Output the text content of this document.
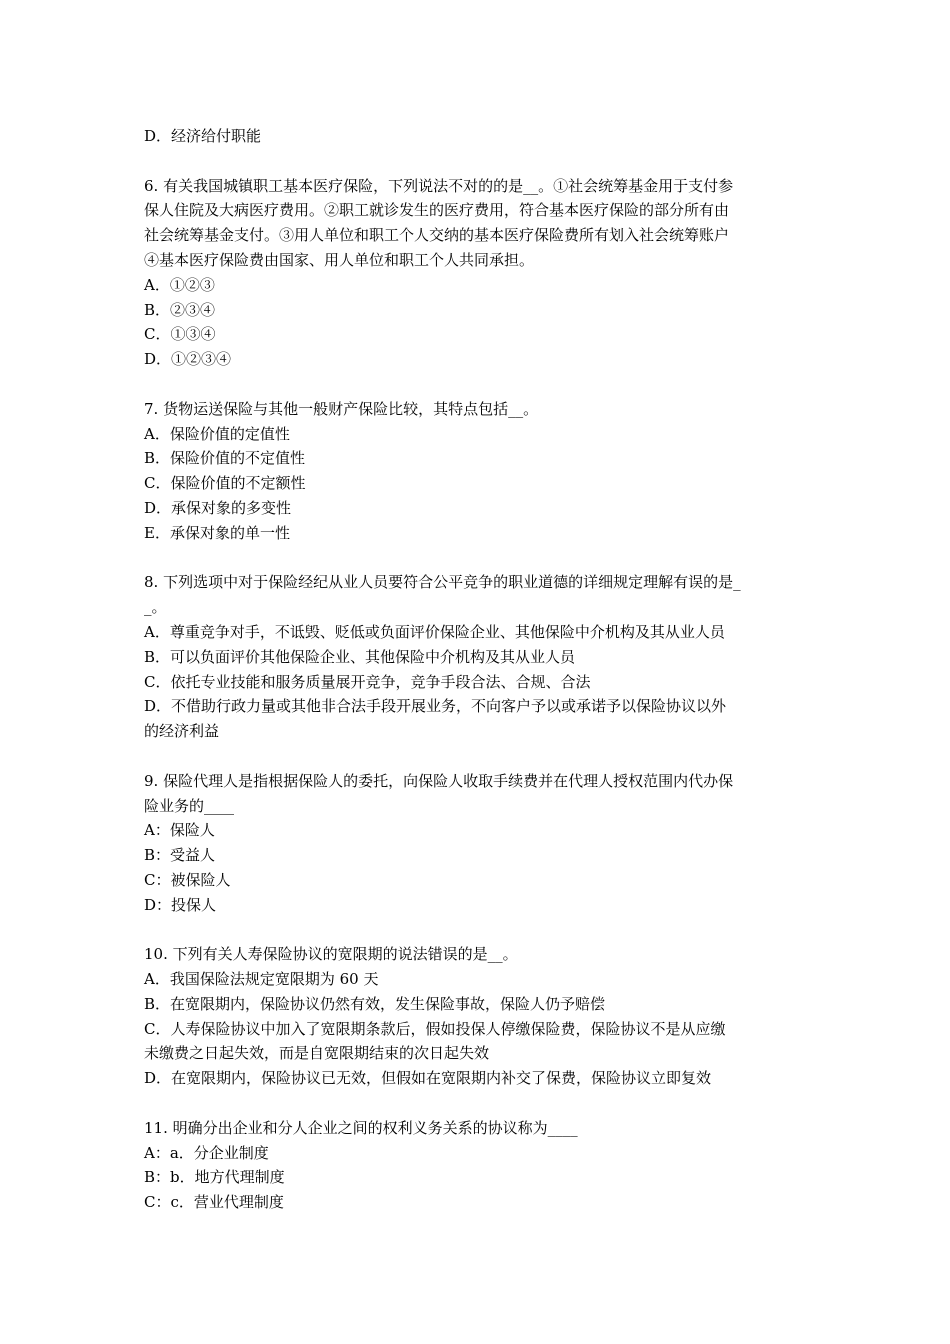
D．经济给付职能
6. 有关我国城镇职工基本医疗保险，下列说法不对的的是__。①社会统筹基金用于支付参
保人住院及大病医疗费用。②职工就诊发生的医疗费用，符合基本医疗保险的部分所有由
社会统筹基金支付。③用人单位和职工个人交纳的基本医疗保险费所有划入社会统筹账户
④基本医疗保险费由国家、用人单位和职工个人共同承担。
A．①②③
B．②③④
C．①③④
D．①②③④
7. 货物运送保险与其他一般财产保险比较，其特点包括__。
A．保险价值的定值性
B．保险价值的不定值性
C．保险价值的不定额性
D．承保对象的多变性
E．承保对象的单一性
8. 下列选项中对于保险经纪从业人员要符合公平竞争的职业道德的详细规定理解有误的是_
_。
A．尊重竞争对手，不诋毁、贬低或负面评价保险企业、其他保险中介机构及其从业人员
B．可以负面评价其他保险企业、其他保险中介机构及其从业人员
C．依托专业技能和服务质量展开竞争，竞争手段合法、合规、合法
D．不借助行政力量或其他非合法手段开展业务，不向客户予以或承诺予以保险协议以外
的经济利益
9. 保险代理人是指根据保险人的委托，向保险人收取手续费并在代理人授权范围内代办保
险业务的____
A：保险人
B：受益人
C：被保险人
D：投保人
10. 下列有关人寿保险协议的宽限期的说法错误的是__。
A．我国保险法规定宽限期为 60 天
B．在宽限期内，保险协议仍然有效，发生保险事故，保险人仍予赔偿
C．人寿保险协议中加入了宽限期条款后，假如投保人停缴保险费，保险协议不是从应缴
未缴费之日起失效，而是自宽限期结束的次日起失效
D．在宽限期内，保险协议已无效，但假如在宽限期内补交了保费，保险协议立即复效
11. 明确分出企业和分人企业之间的权利义务关系的协议称为____
A：a．分企业制度
B：b．地方代理制度
C：c．营业代理制度
